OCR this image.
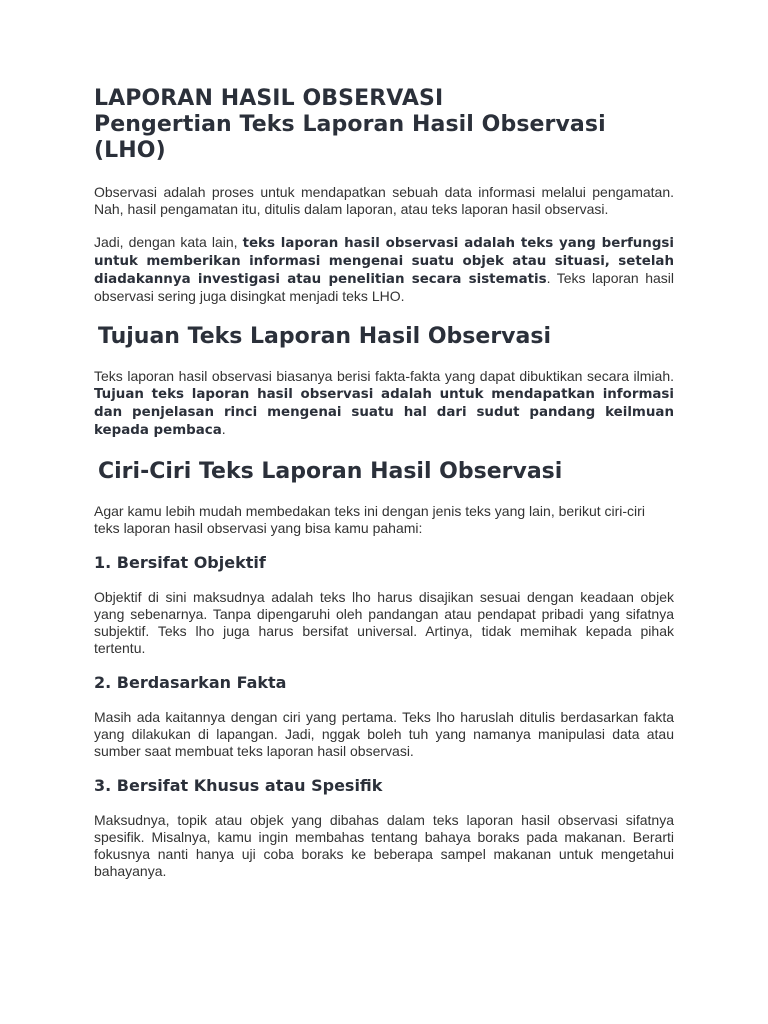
LAPORAN HASIL OBSERVASI
Pengertian Teks Laporan Hasil Observasi
(LHO)

Observasi adalah proses untuk mendapatkan sebuah data informasi melalui pengamatan. Nah, hasil pengamatan itu, ditulis dalam laporan, atau teks laporan hasil observasi.

Jadi, dengan kata lain, teks laporan hasil observasi adalah teks yang berfungsi untuk memberikan informasi mengenai suatu objek atau situasi, setelah diadakannya investigasi atau penelitian secara sistematis. Teks laporan hasil observasi sering juga disingkat menjadi teks LHO.

Tujuan Teks Laporan Hasil Observasi

Teks laporan hasil observasi biasanya berisi fakta-fakta yang dapat dibuktikan secara ilmiah. Tujuan teks laporan hasil observasi adalah untuk mendapatkan informasi dan penjelasan rinci mengenai suatu hal dari sudut pandang keilmuan kepada pembaca.

Ciri-Ciri Teks Laporan Hasil Observasi

Agar kamu lebih mudah membedakan teks ini dengan jenis teks yang lain, berikut ciri-ciri teks laporan hasil observasi yang bisa kamu pahami:

1. Bersifat Objektif

Objektif di sini maksudnya adalah teks lho harus disajikan sesuai dengan keadaan objek yang sebenarnya. Tanpa dipengaruhi oleh pandangan atau pendapat pribadi yang sifatnya subjektif. Teks lho juga harus bersifat universal. Artinya, tidak memihak kepada pihak tertentu.

2. Berdasarkan Fakta

Masih ada kaitannya dengan ciri yang pertama. Teks lho haruslah ditulis berdasarkan fakta yang dilakukan di lapangan. Jadi, nggak boleh tuh yang namanya manipulasi data atau sumber saat membuat teks laporan hasil observasi.

3. Bersifat Khusus atau Spesifik

Maksudnya, topik atau objek yang dibahas dalam teks laporan hasil observasi sifatnya spesifik. Misalnya, kamu ingin membahas tentang bahaya boraks pada makanan. Berarti fokusnya nanti hanya uji coba boraks ke beberapa sampel makanan untuk mengetahui bahayanya.
